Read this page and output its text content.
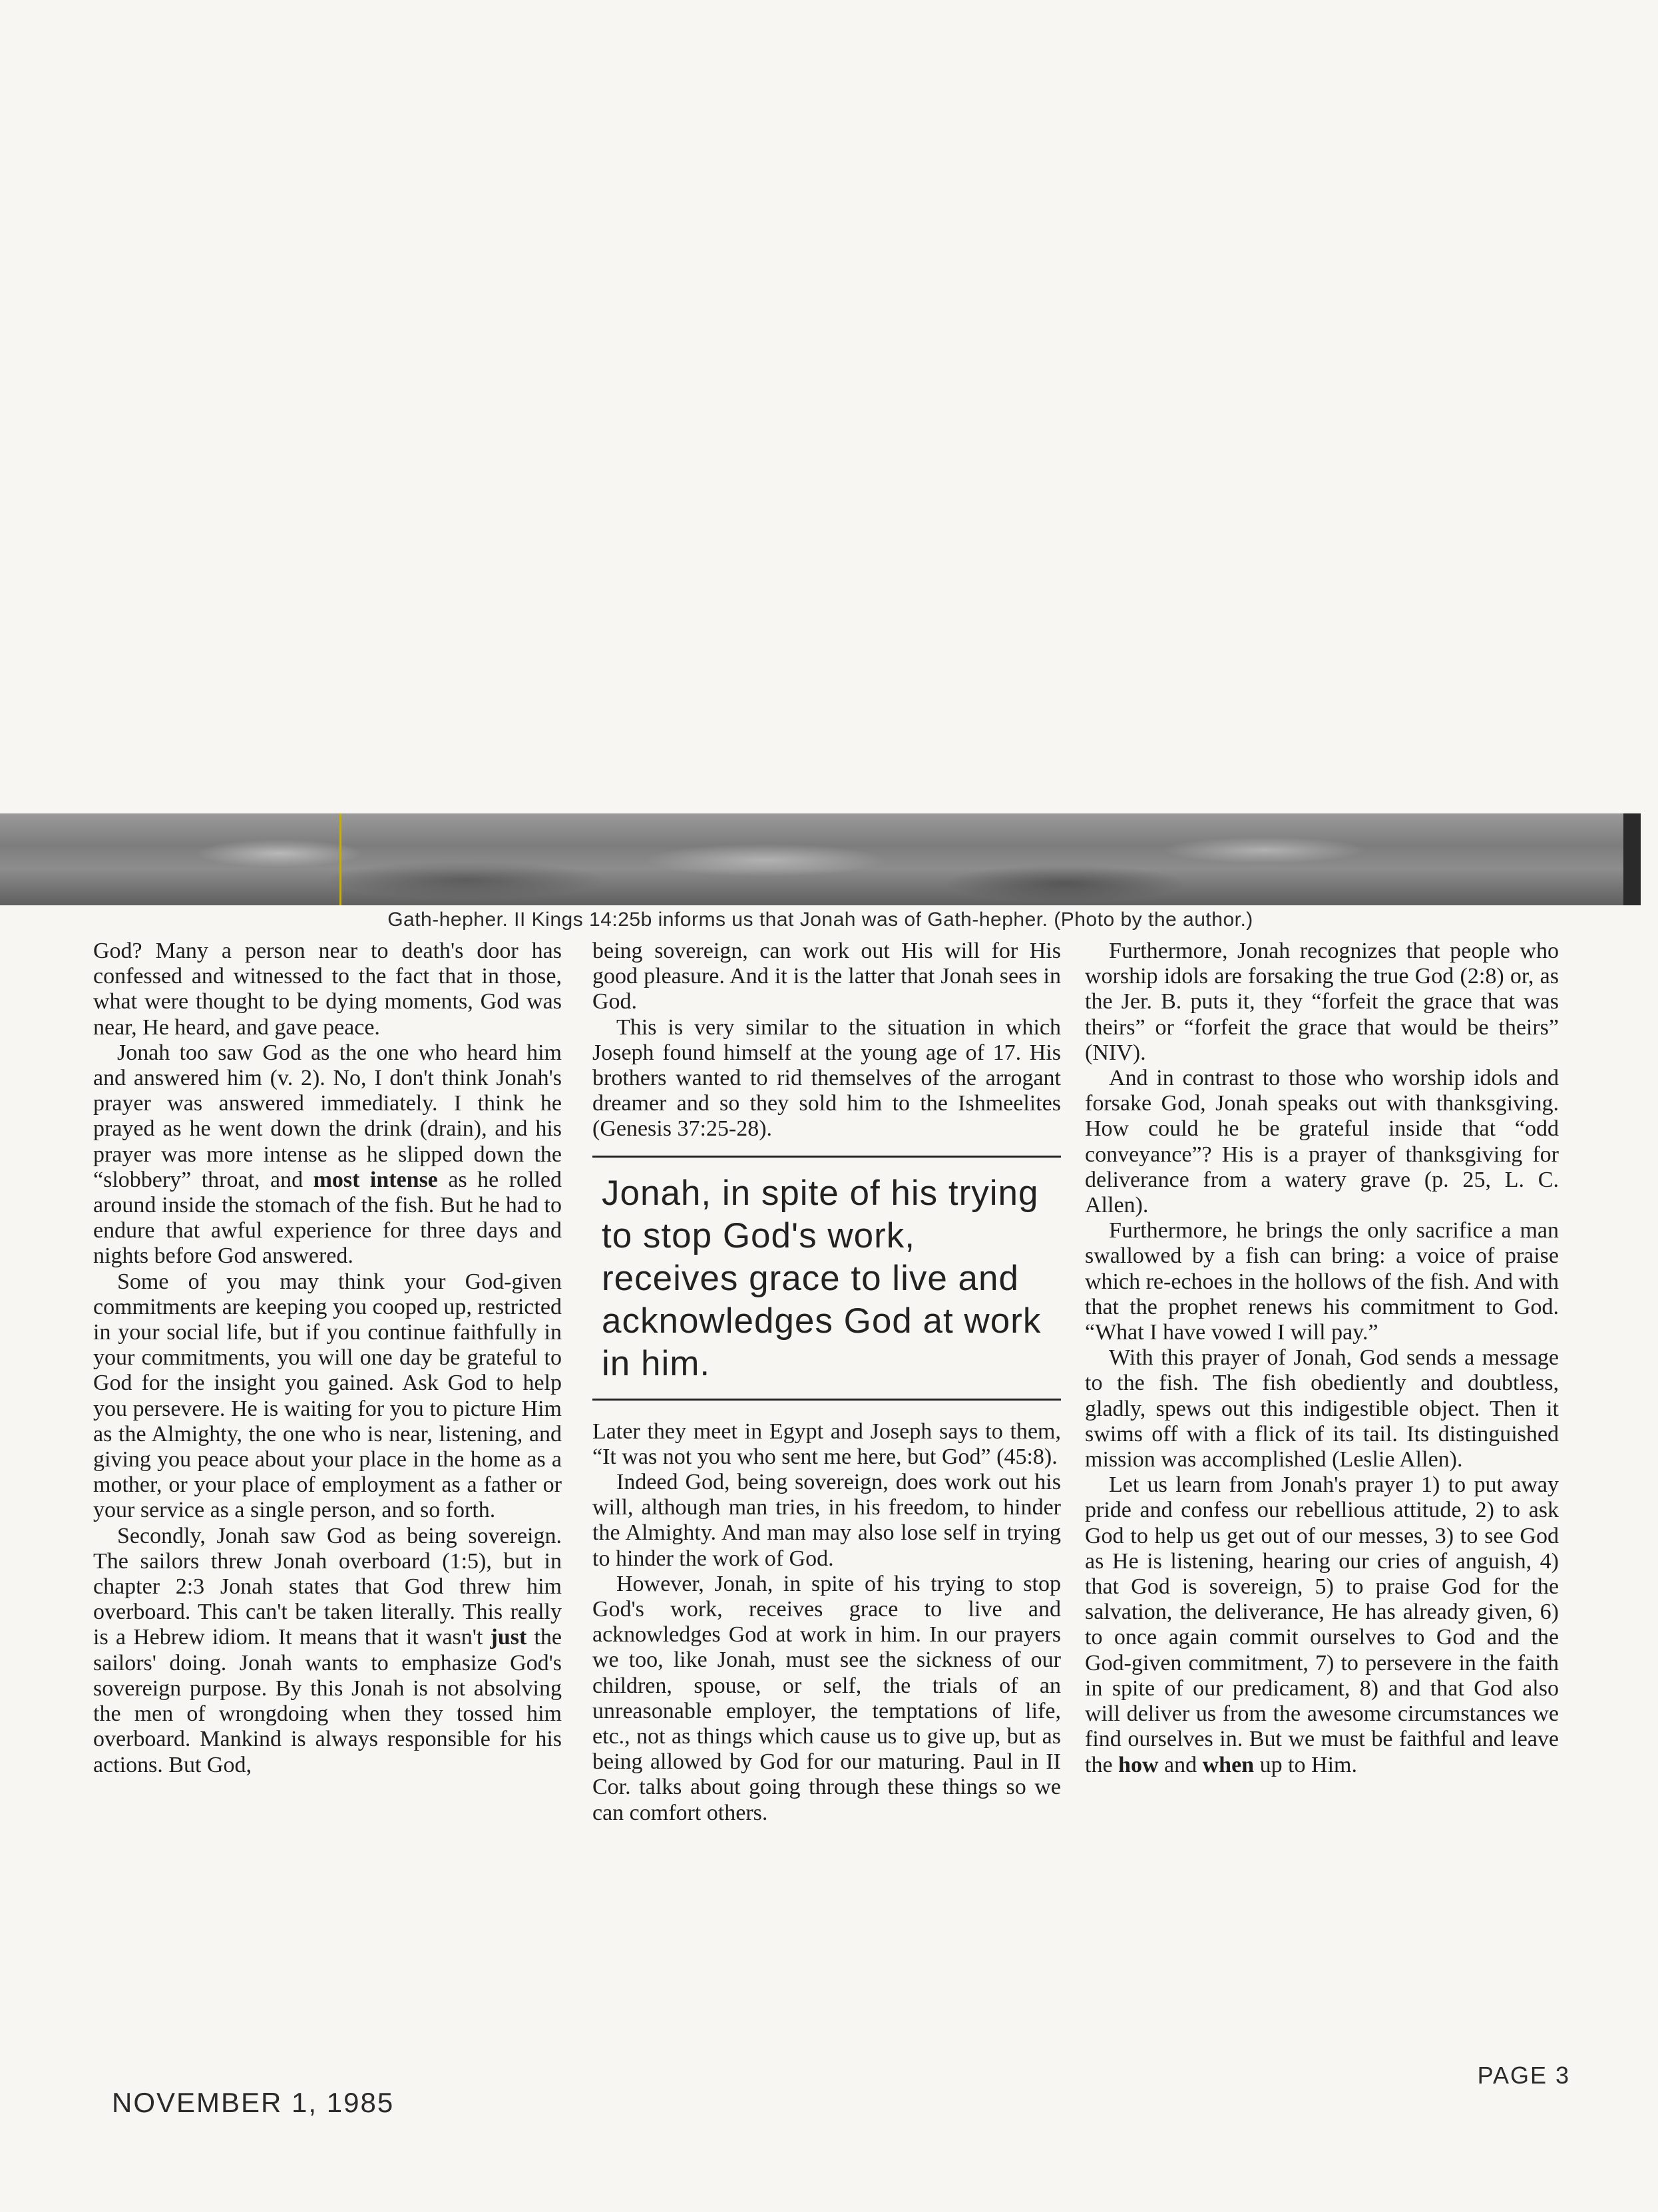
Gath-hepher. II Kings 14:25b informs us that Jonah was of Gath-hepher. (Photo by the author.)

God? Many a person near to death's door has confessed and witnessed to the fact that in those, what were thought to be dying moments, God was near, He heard, and gave peace.

Jonah too saw God as the one who heard him and answered him (v. 2). No, I don't think Jonah's prayer was answered immediately. I think he prayed as he went down the drink (drain), and his prayer was more intense as he slipped down the “slobbery” throat, and most intense as he rolled around inside the stomach of the fish. But he had to endure that awful experience for three days and nights before God answered.

Some of you may think your God-given commitments are keeping you cooped up, restricted in your social life, but if you continue faithfully in your commitments, you will one day be grateful to God for the insight you gained. Ask God to help you persevere. He is waiting for you to picture Him as the Almighty, the one who is near, listening, and giving you peace about your place in the home as a mother, or your place of employment as a father or your service as a single person, and so forth.

Secondly, Jonah saw God as being sovereign. The sailors threw Jonah overboard (1:5), but in chapter 2:3 Jonah states that God threw him overboard. This can't be taken literally. This really is a Hebrew idiom. It means that it wasn't just the sailors' doing. Jonah wants to emphasize God's sovereign purpose. By this Jonah is not absolving the men of wrongdoing when they tossed him overboard. Mankind is always responsible for his actions. But God,

being sovereign, can work out His will for His good pleasure. And it is the latter that Jonah sees in God.

This is very similar to the situation in which Joseph found himself at the young age of 17. His brothers wanted to rid themselves of the arrogant dreamer and so they sold him to the Ishmeelites (Genesis 37:25-28).

Jonah, in spite of his trying to stop God's work, receives grace to live and acknowledges God at work in him.

Later they meet in Egypt and Joseph says to them, “It was not you who sent me here, but God” (45:8).

Indeed God, being sovereign, does work out his will, although man tries, in his freedom, to hinder the Almighty. And man may also lose self in trying to hinder the work of God.

However, Jonah, in spite of his trying to stop God's work, receives grace to live and acknowledges God at work in him. In our prayers we too, like Jonah, must see the sickness of our children, spouse, or self, the trials of an unreasonable employer, the temptations of life, etc., not as things which cause us to give up, but as being allowed by God for our maturing. Paul in II Cor. talks about going through these things so we can comfort others.

Furthermore, Jonah recognizes that people who worship idols are forsaking the true God (2:8) or, as the Jer. B. puts it, they “forfeit the grace that was theirs” or “forfeit the grace that would be theirs” (NIV).

And in contrast to those who worship idols and forsake God, Jonah speaks out with thanksgiving. How could he be grateful inside that “odd conveyance”? His is a prayer of thanksgiving for deliverance from a watery grave (p. 25, L. C. Allen).

Furthermore, he brings the only sacrifice a man swallowed by a fish can bring: a voice of praise which re-echoes in the hollows of the fish. And with that the prophet renews his commitment to God. “What I have vowed I will pay.”

With this prayer of Jonah, God sends a message to the fish. The fish obediently and doubtless, gladly, spews out this indigestible object. Then it swims off with a flick of its tail. Its distinguished mission was accomplished (Leslie Allen).

Let us learn from Jonah's prayer 1) to put away pride and confess our rebellious attitude, 2) to ask God to help us get out of our messes, 3) to see God as He is listening, hearing our cries of anguish, 4) that God is sovereign, 5) to praise God for the salvation, the deliverance, He has already given, 6) to once again commit ourselves to God and the God-given commitment, 7) to persevere in the faith in spite of our predicament, 8) and that God also will deliver us from the awesome circumstances we find ourselves in. But we must be faithful and leave the how and when up to Him.

PAGE 3
NOVEMBER 1, 1985
